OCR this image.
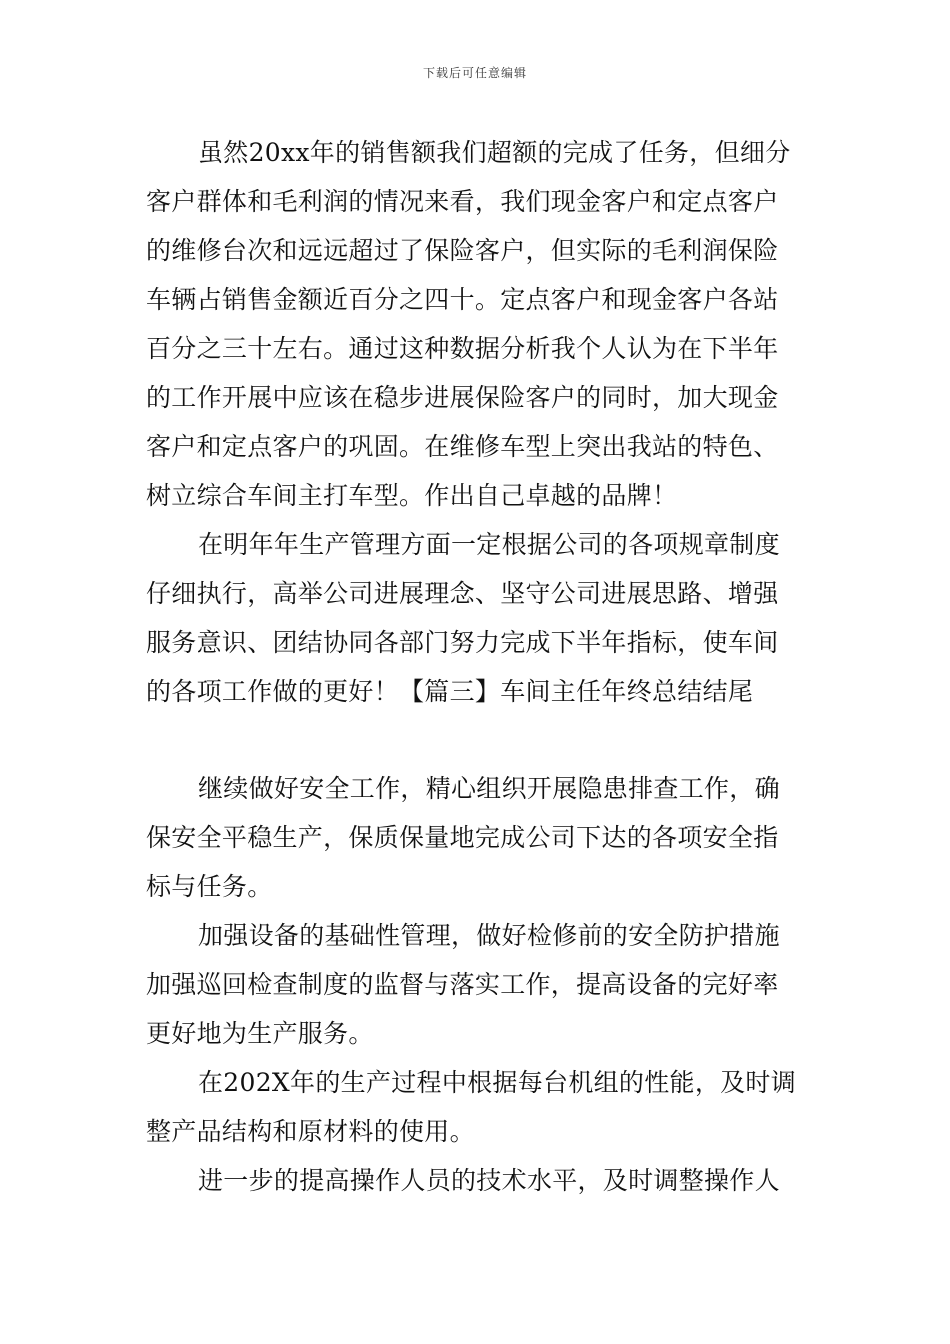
下载后可任意编辑
虽然20xx年的销售额我们超额的完成了任务，但细分
客户群体和毛利润的情况来看，我们现金客户和定点客户
的维修台次和远远超过了保险客户，但实际的毛利润保险
车辆占销售金额近百分之四十。定点客户和现金客户各站
百分之三十左右。通过这种数据分析我个人认为在下半年
的工作开展中应该在稳步进展保险客户的同时，加大现金
客户和定点客户的巩固。在维修车型上突出我站的特色、
树立综合车间主打车型。作出自己卓越的品牌！
在明年年生产管理方面一定根据公司的各项规章制度
仔细执行，高举公司进展理念、坚守公司进展思路、增强
服务意识、团结协同各部门努力完成下半年指标，使车间
的各项工作做的更好！【篇三】车间主任年终总结结尾
继续做好安全工作，精心组织开展隐患排查工作，确
保安全平稳生产，保质保量地完成公司下达的各项安全指
标与任务。
加强设备的基础性管理，做好检修前的安全防护措施
加强巡回检查制度的监督与落实工作，提高设备的完好率
更好地为生产服务。
在202X年的生产过程中根据每台机组的性能，及时调
整产品结构和原材料的使用。
进一步的提高操作人员的技术水平，及时调整操作人
